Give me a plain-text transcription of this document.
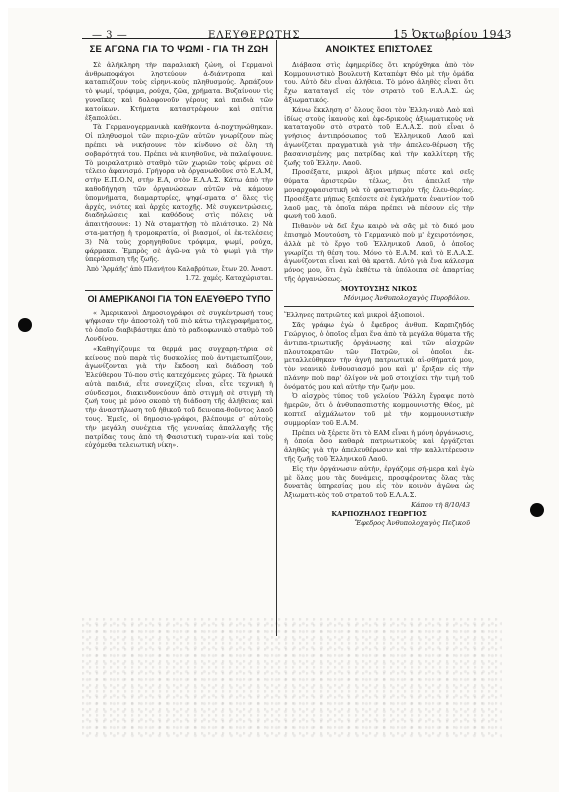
— 3 —	ΕΛΕΥΘΕΡΩΤΗΣ	15 Ὀκτωβρίου 1943
ΣΕ ΑΓΩΝΑ ΓΙΑ ΤΟ ΨΩΜΙ - ΓΙΑ ΤΗ ΖΩΗ

Σὲ ἀλήκληρη τὴν παραλιακὴ ζώνη, οἱ Γερμανοὶ ἀνθρωποφάγοι ληστεύουν ἀ-διάντροπα καὶ καταπιέζουν τοὺς εἰρηνι-κοὺς πληθυσμούς. Ἁρπάζουν τὸ ψωμί, τρόφιμα, ρούχα, ζῶα, χρήματα. Βυζαίνουν τὶς γυναῖκες καὶ δολοφονοῦν γέρους καὶ παιδιὰ τῶν κατοίκων. Κτήματα καταστρέφουν καὶ σπίτια ἐξαπολύει.

Τὰ Γερμανογερμανικὰ καθήκοντα ἁ-ποχτηνώθηκαν. Οἱ πληθυσμοὶ τῶν περιο-χῶν αὐτῶν γνωρίζουν πὼς πρέπει νὰ νικήσουνε τὸν κίνδυνο σὲ ὅλη τὴ σοβαρότητά του. Πρέπει νὰ κινηθοῦνε, νὰ παλαίψουνε. Τὸ μοιραλατρικὸ σταθμὸ τῶν χωριῶν τοὺς φέρνει σὲ τέλειο ἀφανισμό. Γρήγορα νὰ ὀργανωθοῦνε στὸ Ε.Α.Μ, στὴν Ε.Π.Ο.Ν, στὴν Ε.Α, στὸν Ε.Λ.Α.Σ. Κάτω ἀπὸ τὴν καθοδήγηση τῶν ὀργανώσεων αὐτῶν νὰ κάμουν ὑπομνήματα, διαμαρτυρίες, ψηφί-σματα σ' ὅλες τὶς ἀρχές, νιότες καὶ ἀρχές κατοχῆς. Μὲ συγκεντρώσεις, διαδηλώσεις καὶ καθόδους στὶς πόλεις νὰ ἀπαιτήσουνε: 1) Νὰ σταματήσῃ τὸ πλιάτσικο. 2) Νὰ στα-ματήσῃ ἡ τρομοκρατία, οἱ βιασμοί, οἱ ἐκ-τελέσεις 3) Νὰ τοὺς χορηγηθοῦνε τρόφιμα, ψωμί, ρούχα, φάρμακα. Ἐμπρὸς σὲ ἀγῶ-να γιὰ τὸ ψωμὶ γιὰ τὴν ὑπεράσπιση τῆς ζωῆς.

Ἀπὸ ‛Ἀρμάῆς' ἀπὸ Πλανήτου Καλαβρύτων, ἔτων 20. Ἀναστ. 1.72. χαμές. Καταχώρισται.
ΟΙ ΑΜΕΡΙΚΑΝΟΙ ΓΙΑ ΤΟΝ ΕΛΕΥΘΕΡΟ ΤΥΠΟ

« Ἀμερικανοὶ Δημοσιογράφοι σὲ συγκέντρωσή τους ψήφισαν τὴν ἀποστολὴ τοῦ πιὸ κάτω τηλεγραφήματος, τὸ ὁποῖο διαβιβάστηκε ἀπὸ τὸ ραδιοφωνικὸ σταθμὸ τοῦ Λονδίνου.

«Καθηγίζουμε τα θερμά μας συγχαρη-τήρια σὲ κείνους ποὺ παρὰ τὶς δυσκολίες ποὺ ἀντιμετωπίζουν, ἀγωνίζονται γιὰ τὴν ἔκδοση καὶ διάδοση τοῦ Ἐλεύθερου Τύ-που στὶς κατεχόμενες χώρες. Τὰ ἡρωικά αὐτὰ παιδιά, εἶτε συνεχίζεις εἶναι, εἶτε τεχνικὴ ἡ σύνδεσμοι, διακινδυνεύουν ἀπὸ στιγμὴ σὲ στιγμὴ τὴ ζωή τους μὲ μόνο σκοπὸ τὴ διάδοση τῆς ἀλήθειας καὶ τὴν ἀναστήλωση τοῦ ἠθικοῦ τοῦ δεινοπα-θοῦντος λαοῦ τους. Ἐμεῖς, οἱ δημοσιο-γράφοι, βλέπουμε σ' αὐτοὺς τὴν μεγάλη συνέχεια τῆς γενναίας ἀπαλλαγῆς τῆς πατρίδας τους ἀπὸ τὴ Φασιστικὴ τυραν-νία καὶ τοὺς εὐχόμεθα τελειωτικὴ νίκη».

ΑΝΟΙΚΤΕΣ ΕΠΙΣΤΟΛΕΣ

Διάβασα στὶς ἐφημερίδες ὅτι κηρύχθηκα ἀπὸ τὸν Κομμουνιστικὸ Βουλευτὴ Καταπέφτ Θέο μὲ τὴν ὁμάδα του. Αὐτὸ δὲν εἶναι ἀλήθεια. Τὸ μόνο ἀληθὲς εἶναι ὅτι ἔχω καταταγεῖ εἰς τὸν στρατὸ τοῦ Ε.Λ.Α.Σ. ὡς ἀξιωματικός.

Κάνω ἔκκληση σ' ὅλους ὅσοι τὸν Ἑλλη-νικὸ Λαὸ καὶ ἰδίως στοὺς ἱκανοὺς καὶ ἐφε-δρικοὺς ἀξιωματικοὺς νὰ καταταγοῦν στὸ στρατὸ τοῦ Ε.Λ.Α.Σ. ποὺ εἶναι ὁ γνήσιος ἀντιπρόσωπος τοῦ Ἑλληνικοῦ Λαοῦ καὶ ἀγωνίζεται πραγματικὰ γιὰ τὴν ἀπελευ-θέρωση τῆς βασανισμένης μας πατρίδας καὶ τὴν καλλίτερη τῆς ζωῆς τοῦ Ἑλλην. Λαοῦ.

Προσέξατε, μικροὶ ἄξιοι μήπως πέστε καὶ σεῖς θύματα ἀριστερῶν τέλως, ὅτι ἀπειλεῖ τὴν μοναρχοφασιστικὴ νὰ τὸ φανατισμὸν τῆς ἐλευ-θερίας. Προσέξατε μήπως ξεπέσετε σὲ ἐγκλήματα ἐναντίον τοῦ λαοῦ μας, τὰ ὁποῖα πάρα πρέπει νὰ πέσουν εἰς τὴν φωνὴ τοῦ λαοῦ.

Πιθανὸν νὰ δεῖ ἔχω καιρὸ νὰ σᾶς μὲ τὸ δικό μου ἐπισημὸ Μουτούση, τὸ Γερμανικὸ ποὺ μ' ἐχειροτόνησε, ἀλλὰ μὲ τὸ ἔργο τοῦ Ἑλληνικοῦ Λαοῦ, ὁ ὁποῖος γνωρίζει τὴ θέση του. Μόνο τὸ Ε.Α.Μ. καὶ τὸ Ε.Λ.Α.Σ. ἀγωνίζονται εἶναι καὶ θὰ κρατᾶ. Αὐτὸ γιὰ ἕνα κάλεσμα μόνος μου, ὅτι ἐγὼ ἐκθέτω τὰ ὑπόλοιπα σὲ ἀπαρτίας τῆς ὀργανώσεως.

ΜΟΥΤΟΥΣΗΣ ΝΙΚΟΣ
Μόνιμος Ἀνθυπολοχαγὸς Πυροβόλου.

Ἕλληνες πατριῶτες καὶ μικροὶ ἀξιοποιοὶ.

Σᾶς γράφω ἐγὼ ὁ ἔφεδρος ἀνθυπ. Καρπιζηδός Γεώργιος, ὁ ὁποῖος εἶμαι ἕνα ἀπὸ τὰ μεγάλα θύματα τῆς ἀντιπα-τριωτικῆς ὀργάνωσης καὶ τῶν αἰσχρῶν πλουτοκρατῶν τῶν Πατρῶν, οἱ ὁποῖοι ἐκ-μεταλλεύθηκαν τὴν ἀγνὴ πατριωτικὰ αἰ-σθήματά μου, τὸν νεανικὸ ἐνθουσιασμό μου καὶ μ' ἔριξαν εἰς τὴν πλάνην ποὺ παρ' ὀλίγον νὰ μοῦ στοιχίσει τὴν τιμὴ τοῦ ὀνόματός μου καὶ αὐτὴν τὴν ζωήν μου.

Ὁ αἰσχρὸς τύπος τοῦ γελοίου Ῥάλλη ἔγραψε ποτὸ ἡμερῶν, ὅτι ὁ ἀνθυπασπιστὴς κομμουνιστὴς Θέος, μὲ κοπτεῖ αἰχμάλωτον τοῦ μὲ τὴν κομμουνιστικὴν συμμορίαν τοῦ Ε.Α.Μ.

Πρέπει νὰ ξέρετε ὅτι τὸ ΕΑΜ εἶναι ἡ μόνη ὀργάνωσις, ἡ ὁποία ὅσο καθαρὰ πατριωτικοὺς καὶ ἐργάζεται ἀληθῶς γιὰ τὴν ἀπελευθέρωσιν καὶ τὴν καλλιτέρευσιν τῆς ζωῆς τοῦ Ἑλληνικοῦ Λαοῦ.

Εἰς τὴν ὀργάνωσιν αὐτὴν, ἐργάζομε σή-μερα καὶ ἐγὼ μὲ ὅλας μου τὰς δυνάμεις, προσφέροντας ὅλας τὰς δυνατὰς ὑπηρεσίας μου εἰς τὸν κοινὸν ἀγῶνα ὡς Ἀξιωματι-κὸς τοῦ στρατοῦ τοῦ Ε.Λ.Α.Σ.

Κάπου τὴ 8/10/43
ΚΑΡΠΟΖΗΛΟΣ ΓΕΩΡΓΙΟΣ
Ἔφεδρος Ἀνθυπολοχαγὸς Πεζικοῦ
